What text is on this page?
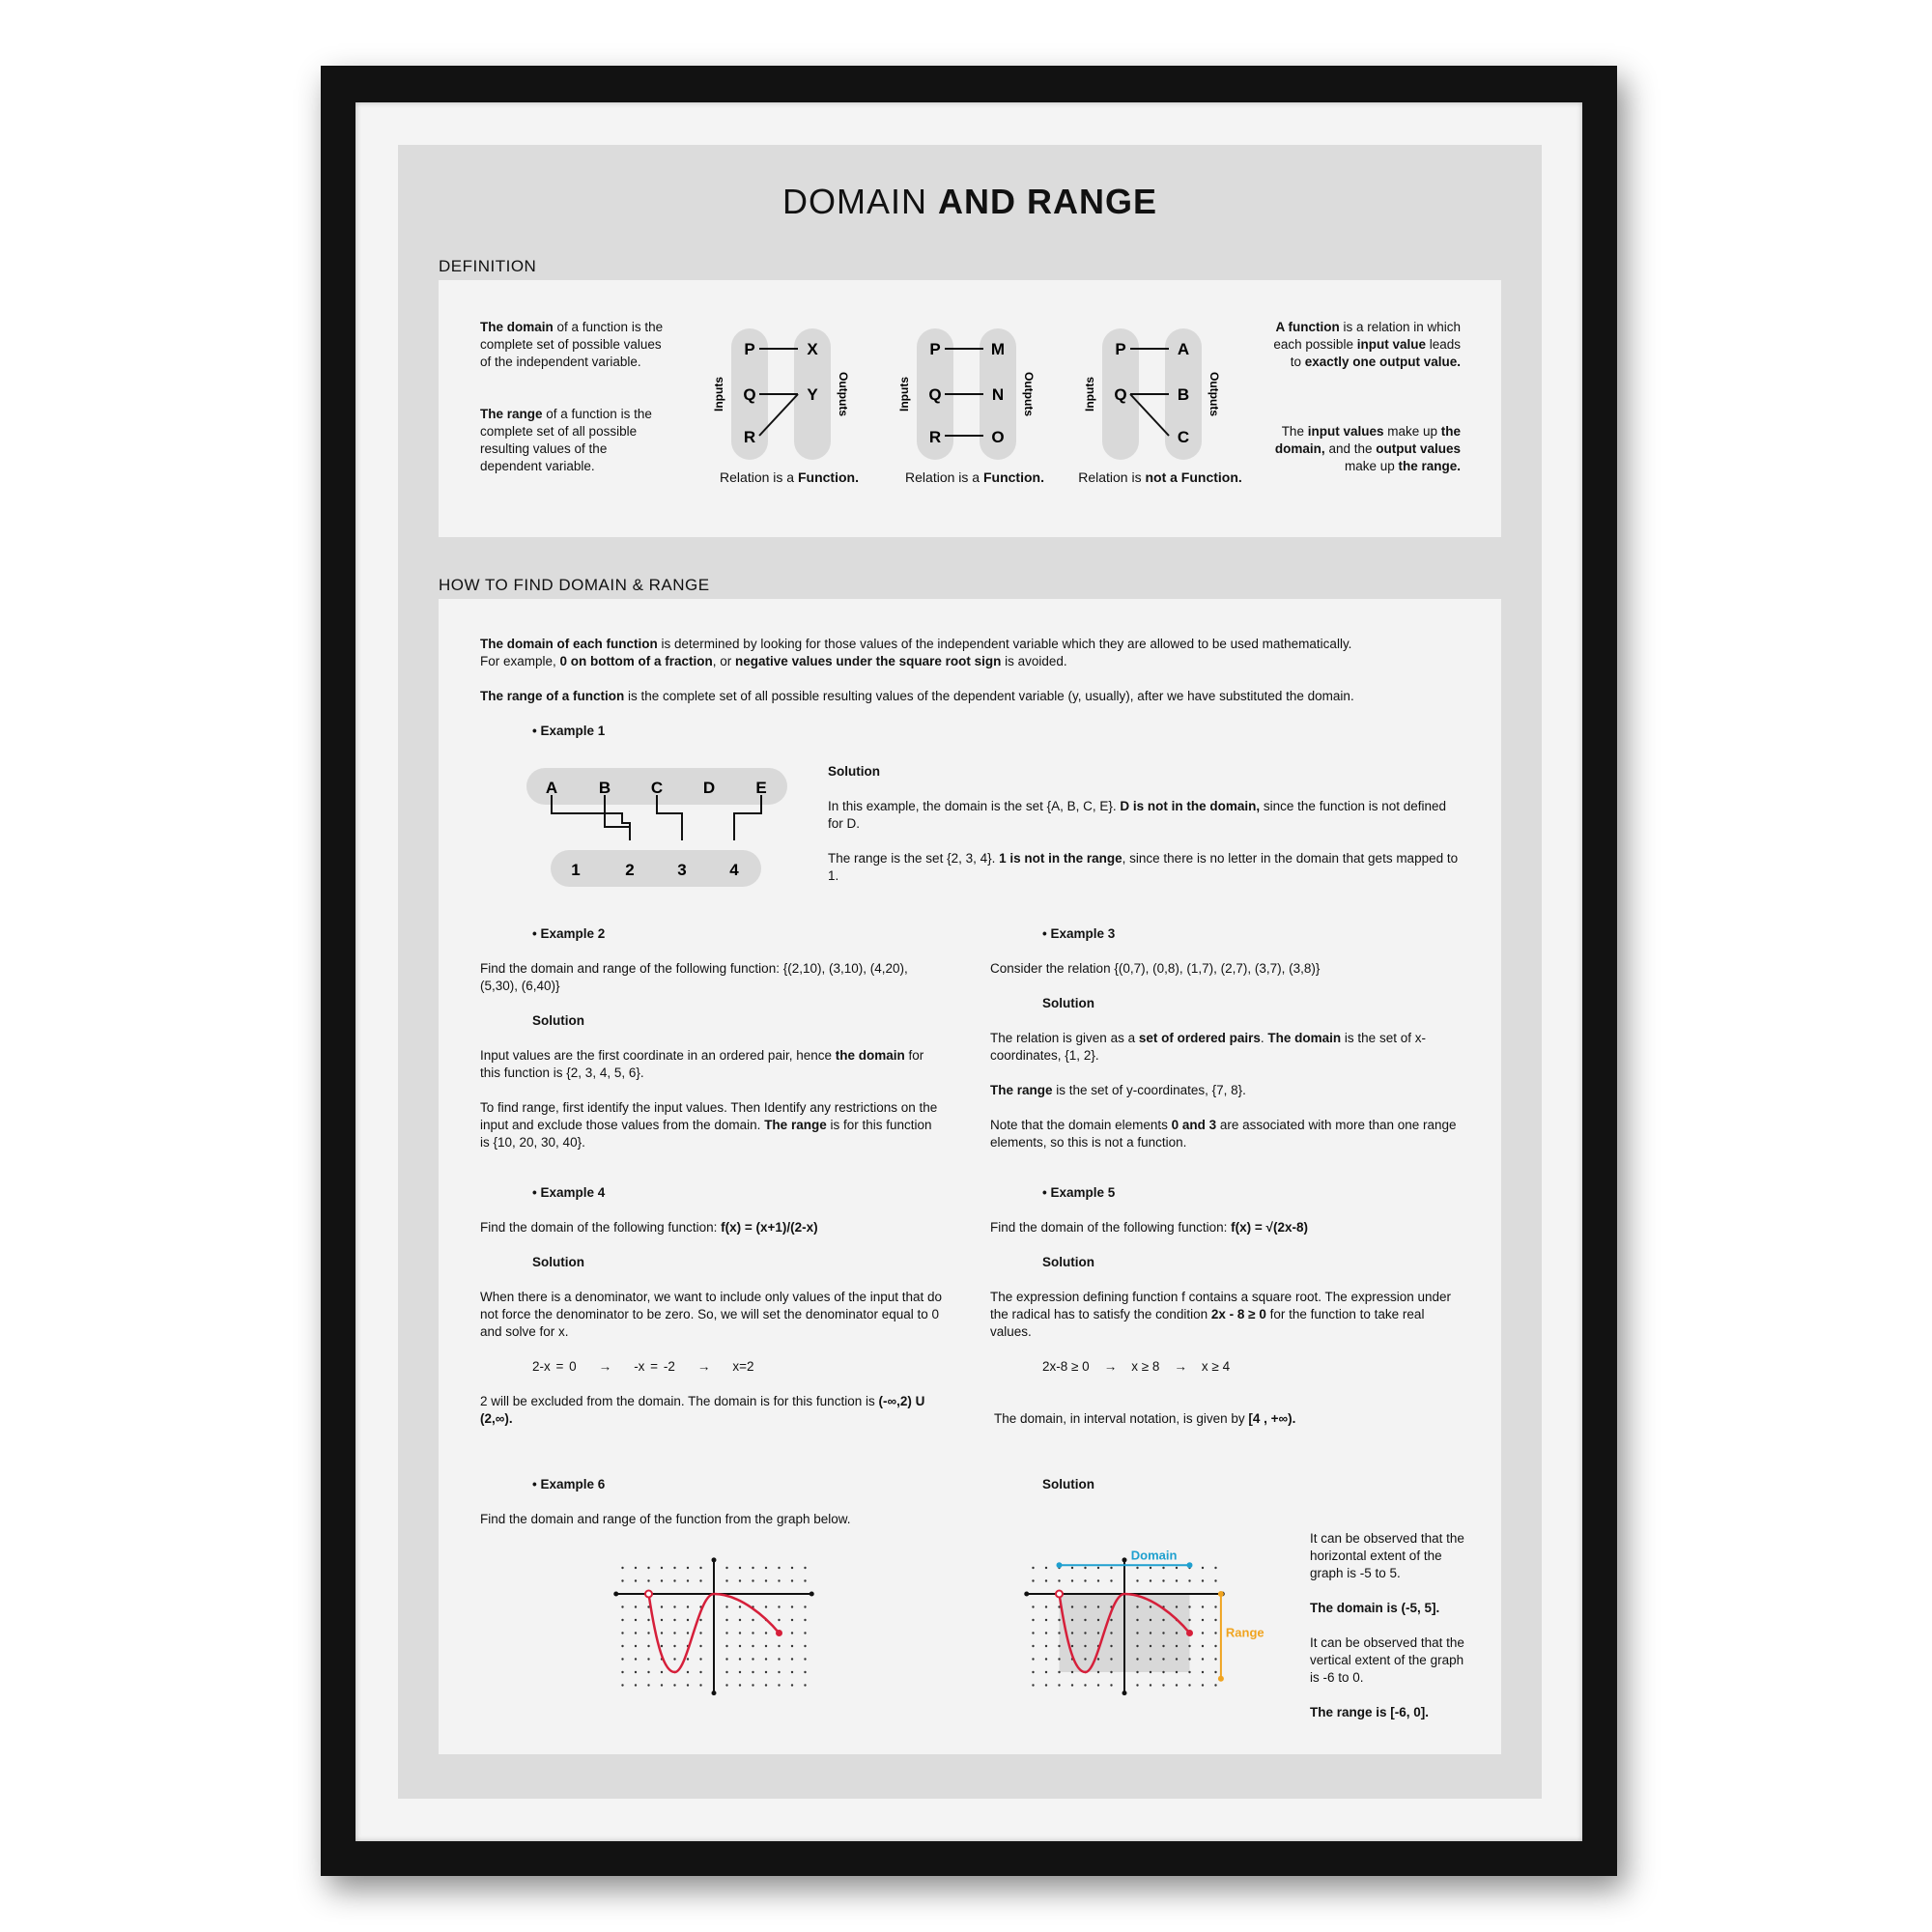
DOMAIN AND RANGE
DEFINITION
The domain of a function is the complete set of possible values of the independent variable.
The range of a function is the complete set of all possible resulting values of the dependent variable.
P
Q
R
X
Y
Inputs	Outputs
Relation is a Function.
P
Q
R
M
N
O
Inputs	Outputs
Relation is a Function.
P
Q
A
B
C
Inputs	Outputs
Relation is not a Function.
A function is a relation in which each possible input value leads to exactly one output value.
The input values make up the domain, and the output values make up the range.
HOW TO FIND DOMAIN & RANGE
The domain of each function is determined by looking for those values of the independent variable which they are allowed to be used mathematically.
For example, 0 on bottom of a fraction, or negative values under the square root sign is avoided.
The range of a function is the complete set of all possible resulting values of the dependent variable (y, usually), after we have substituted the domain.
• Example 1
A	B C D E
1	2	3	4
Solution
In this example, the domain is the set {A, B, C, E}. D is not in the domain, since the function is not defined for D.
The range is the set {2, 3, 4}. 1 is not in the range, since there is no letter in the domain that gets mapped to 1.
• Example 2
Find the domain and range of the following function: {(2,10), (3,10), (4,20), (5,30), (6,40)}
Solution
Input values are the first coordinate in an ordered pair, hence the domain for this function is {2, 3, 4, 5, 6}.
To find range, first identify the input values. Then Identify any restrictions on the input and exclude those values from the domain. The range is for this function is {10, 20, 30, 40}.
• Example 3
Consider the relation {(0,7), (0,8), (1,7), (2,7), (3,7), (3,8)}
Solution
The relation is given as a set of ordered pairs. The domain is the set of x-coordinates, {1, 2}.
The range is the set of y-coordinates, {7, 8}.
Note that the domain elements 0 and 3 are associated with more than one range elements, so this is not a function.
• Example 4
Find the domain of the following function: f(x) = (x+1)/(2-x)
Solution
When there is a denominator, we want to include only values of the input that do not force the denominator to be zero. So, we will set the denominator equal to 0 and solve for x.
2-x = 0 → -x = -2 → x=2
2 will be excluded from the domain. The domain is for this function is (-∞,2) U (2,∞).
• Example 5
Find the domain of the following function: f(x) = √(2x-8)
Solution
The expression defining function f contains a square root. The expression under the radical has to satisfy the condition 2x - 8 ≥ 0 for the function to take real values.
2x-8 ≥ 0 → x ≥ 8 → x ≥ 4
The domain, in interval notation, is given by [4 , +∞).
• Example 6
Find the domain and range of the function from the graph below.
Solution
Domain
Range
It can be observed that the horizontal extent of the graph is -5 to 5.
The domain is (-5, 5].
It can be observed that the vertical extent of the graph is -6 to 0.
The range is [-6, 0].
